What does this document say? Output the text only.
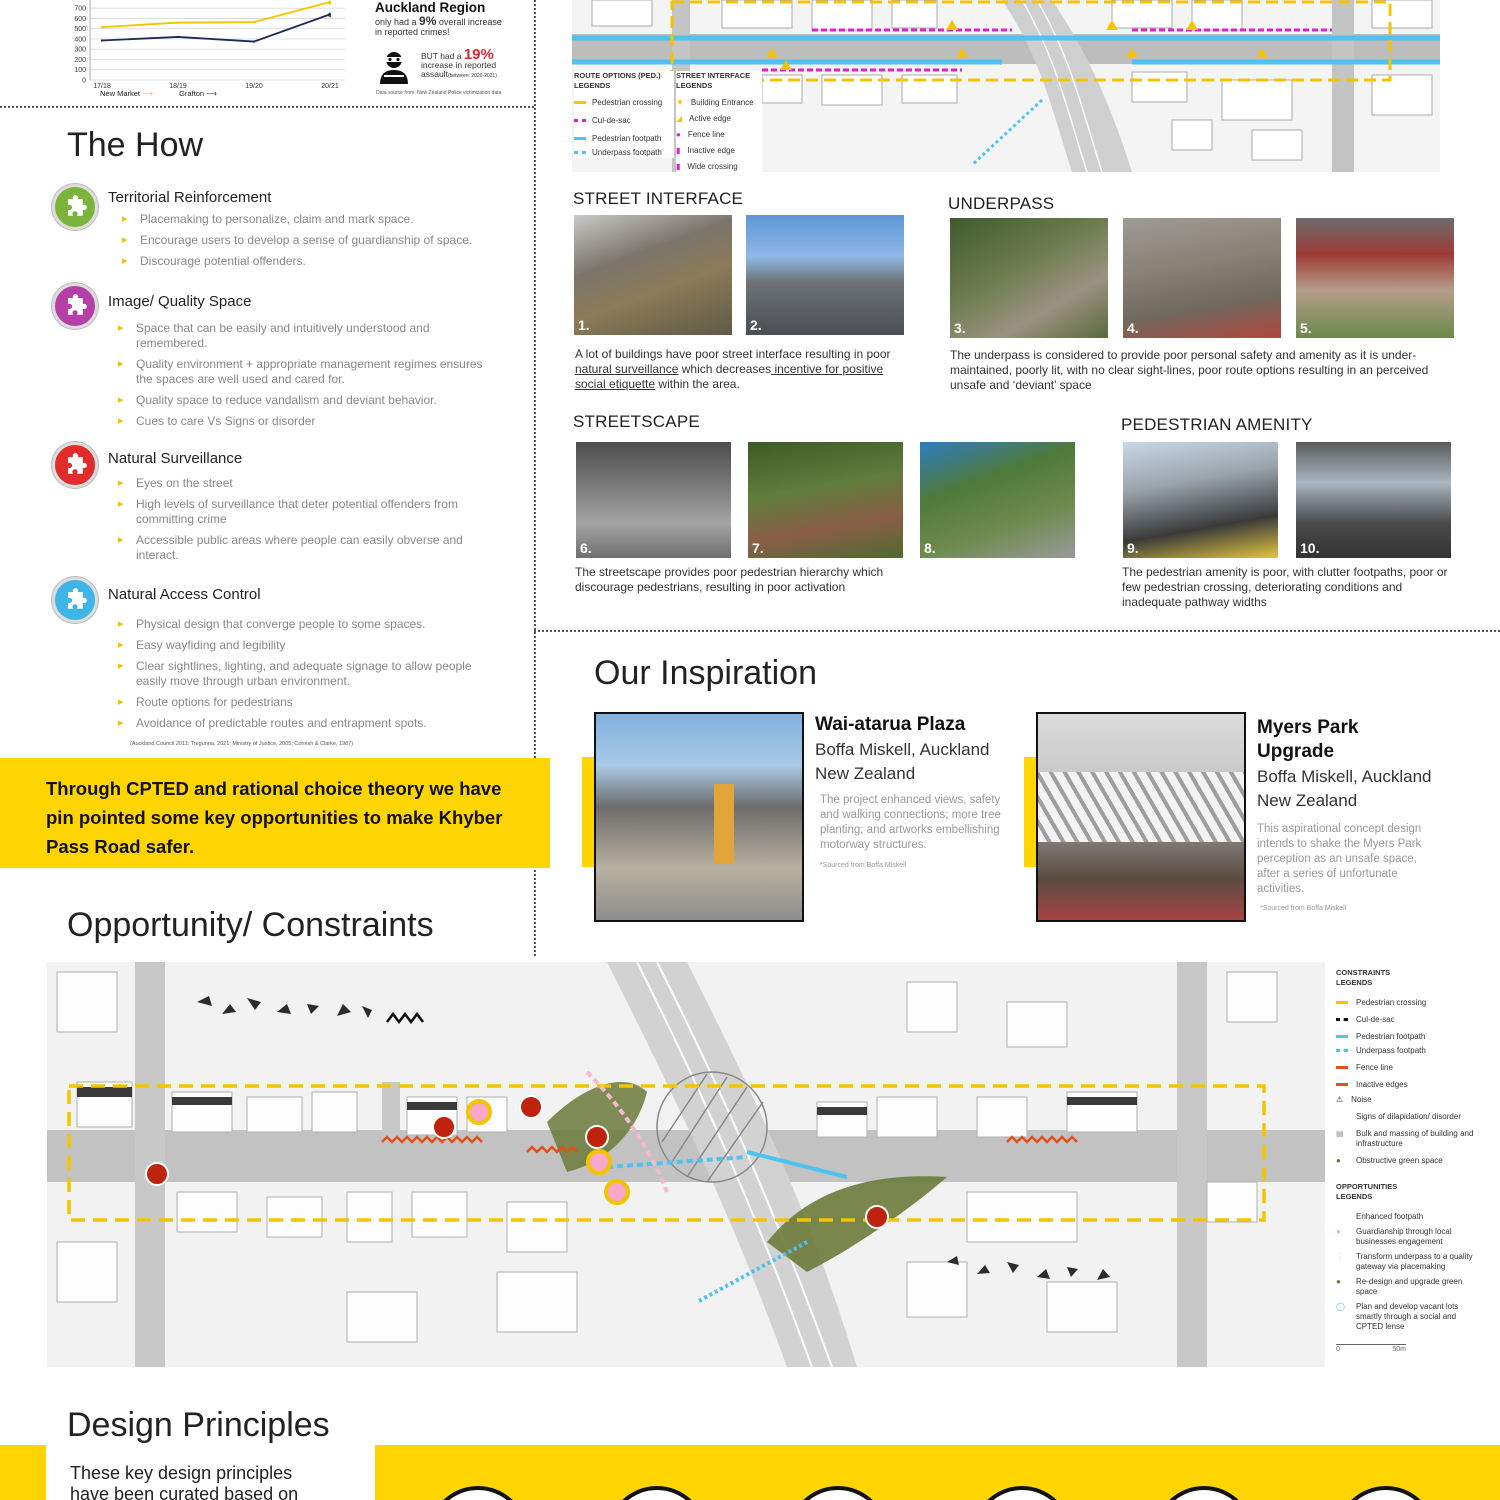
700
600
500
400
300
200
100
0
17/18	18/19	19/20	20/21
New Market ⟶	Grafton ⟶
Auckland Region
only had a 9% overall increase
in reported crimes!
BUT had a 19%
increase in reported
assault(between: 2020-2021)
Data source from: New Zealand Police victimization data
The How
Territorial Reinforcement
▸ Placemaking to personalize, claim and mark space.
▸ Encourage users to develop a sense of guardianship of space.
▸ Discourage potential offenders.
Image/ Quality Space
▸ Space that can be easily and intuitively understood and remembered.
▸ Quality environment + appropriate management regimes ensures the spaces are well used and cared for.
▸ Quality space to reduce vandalism and deviant behavior.
▸ Cues to care Vs Signs or disorder
Natural Surveillance
▸ Eyes on the street
▸ High levels of surveillance that deter potential offenders from committing crime
▸ Accessible public areas where people can easily obverse and interact.
Natural Access Control
▸ Physical design that converge people to some spaces.
▸ Easy wayfiding and legibility
▸ Clear sightlines, lighting, and adequate signage to allow people easily move through urban environment.
▸ Route options for pedestrians
▸ Avoidance of predictable routes and entrapment spots.
(Auckland Council 2011; Tregunna, 2021; Ministry of Justice, 2005; Cornish & Clarke, 1987)
Through CPTED and rational choice theory we have pin pointed some key opportunities to make Khyber Pass Road safer.
ROUTE OPTIONS (PED.)
LEGENDS
Pedestrian crossing
Cul-de-sac
Pedestrian footpath
Underpass footpath
STREET INTERFACE
LEGENDS
▼ Building Entrance
◢ Active edge
● Fence line
▮ Inactive edge
▮ Wide crossing
STREET INTERFACE
1.	2.
A lot of buildings have poor street interface resulting in poor natural surveillance which decreases incentive for positive social etiquette within the area.
UNDERPASS
3.	4.	5.
The underpass is considered to provide poor personal safety and amenity as it is under-maintained, poorly lit, with no clear sight-lines, poor route options resulting in an perceived unsafe and ‘deviant’ space
STREETSCAPE
6.	7.	8.
The streetscape provides poor pedestrian hierarchy which discourage pedestrians, resulting in poor activation
PEDESTRIAN AMENITY
9.	10.
The pedestrian amenity is poor, with clutter footpaths, poor or few pedestrian crossing, deteriorating conditions and inadequate pathway widths
Our Inspiration
Wai-atarua Plaza
Boffa Miskell, Auckland
New Zealand
The project enhanced views, safety and walking connections; more tree planting; and artworks embellishing motorway structures.
*Sourced from Boffa Miskell
Myers Park Upgrade
Boffa Miskell, Auckland
New Zealand
This aspirational concept design intends to shake the Myers Park perception as an unsafe space, after a series of unfortunate activities.
*Sourced from Boffa Miskell
Opportunity/ Constraints
CONSTRAINTS
LEGENDS
Pedestrian crossing
Cul-de-sac
Pedestrian footpath
Underpass footpath
Fence line
Inactive edges
⚠ Noise
Signs of dilapidation/ disorder
▤ Bulk and massing of building and infrastructure
● Obstructive green space
OPPORTUNITIES
LEGENDS
Enhanced footpath
● Guardianship through local businesses engagement
⋮ Transform underpass to a quality gateway via placemaking
● Re-design and upgrade green space
◯ Plan and develop vacant lots smartly through a social and CPTED lense
0	50m
Design Principles
These key design principles
have been curated based on
